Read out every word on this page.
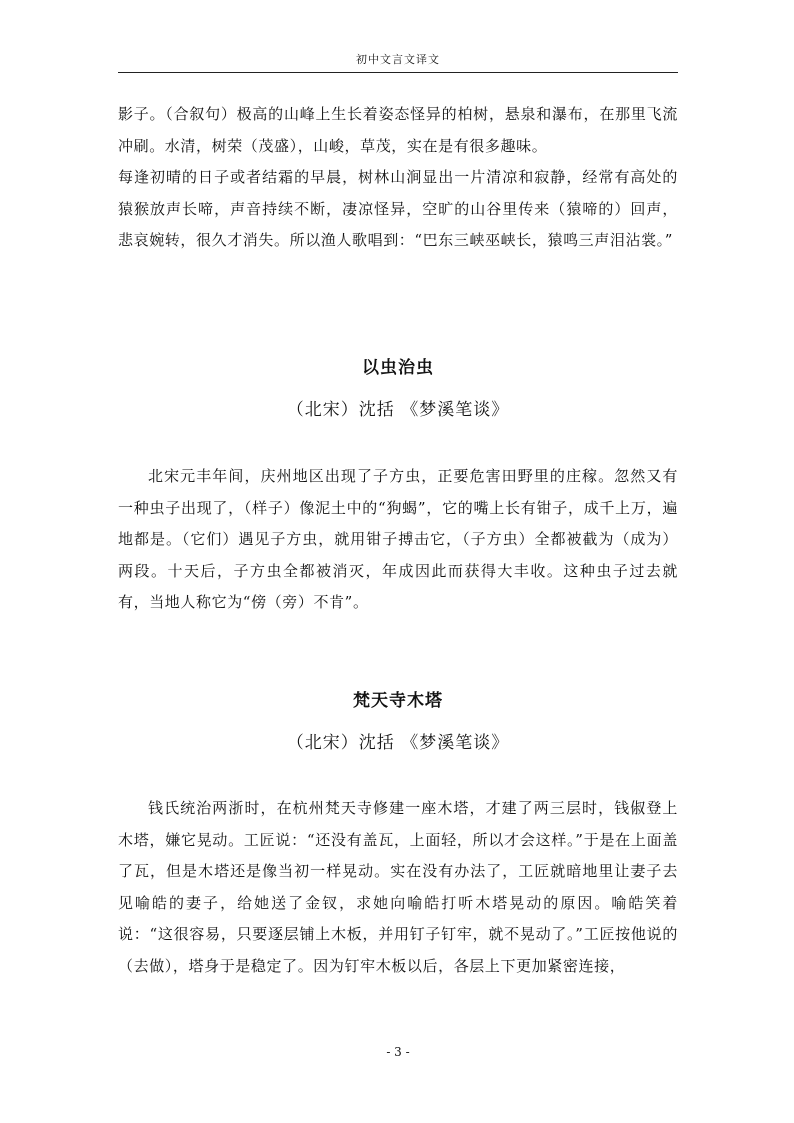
初中文言文译文

影子。（合叙句）极高的山峰上生长着姿态怪异的柏树，悬泉和瀑布，在那里飞流冲刷。水清，树荣（茂盛），山峻，草茂，实在是有很多趣味。

每逢初晴的日子或者结霜的早晨，树林山涧显出一片清凉和寂静，经常有高处的猿猴放声长啼，声音持续不断，凄凉怪异，空旷的山谷里传来（猿啼的）回声，悲哀婉转，很久才消失。所以渔人歌唱到：“巴东三峡巫峡长，猿鸣三声泪沾裳。”

以虫治虫
（北宋）沈括 《梦溪笔谈》

北宋元丰年间，庆州地区出现了子方虫，正要危害田野里的庄稼。忽然又有一种虫子出现了，（样子）像泥土中的“狗蝎”，它的嘴上长有钳子，成千上万，遍地都是。（它们）遇见子方虫，就用钳子搏击它，（子方虫）全都被截为（成为）两段。十天后，子方虫全都被消灭，年成因此而获得大丰收。这种虫子过去就有，当地人称它为“傍（旁）不肯”。

梵天寺木塔
（北宋）沈括 《梦溪笔谈》

钱氏统治两浙时，在杭州梵天寺修建一座木塔，才建了两三层时，钱俶登上木塔，嫌它晃动。工匠说：“还没有盖瓦，上面轻，所以才会这样。”于是在上面盖了瓦，但是木塔还是像当初一样晃动。实在没有办法了，工匠就暗地里让妻子去见喻皓的妻子，给她送了金钗，求她向喻皓打听木塔晃动的原因。喻皓笑着说：“这很容易，只要逐层铺上木板，并用钉子钉牢，就不晃动了。”工匠按他说的（去做），塔身于是稳定了。因为钉牢木板以后，各层上下更加紧密连接，

- 3 -
